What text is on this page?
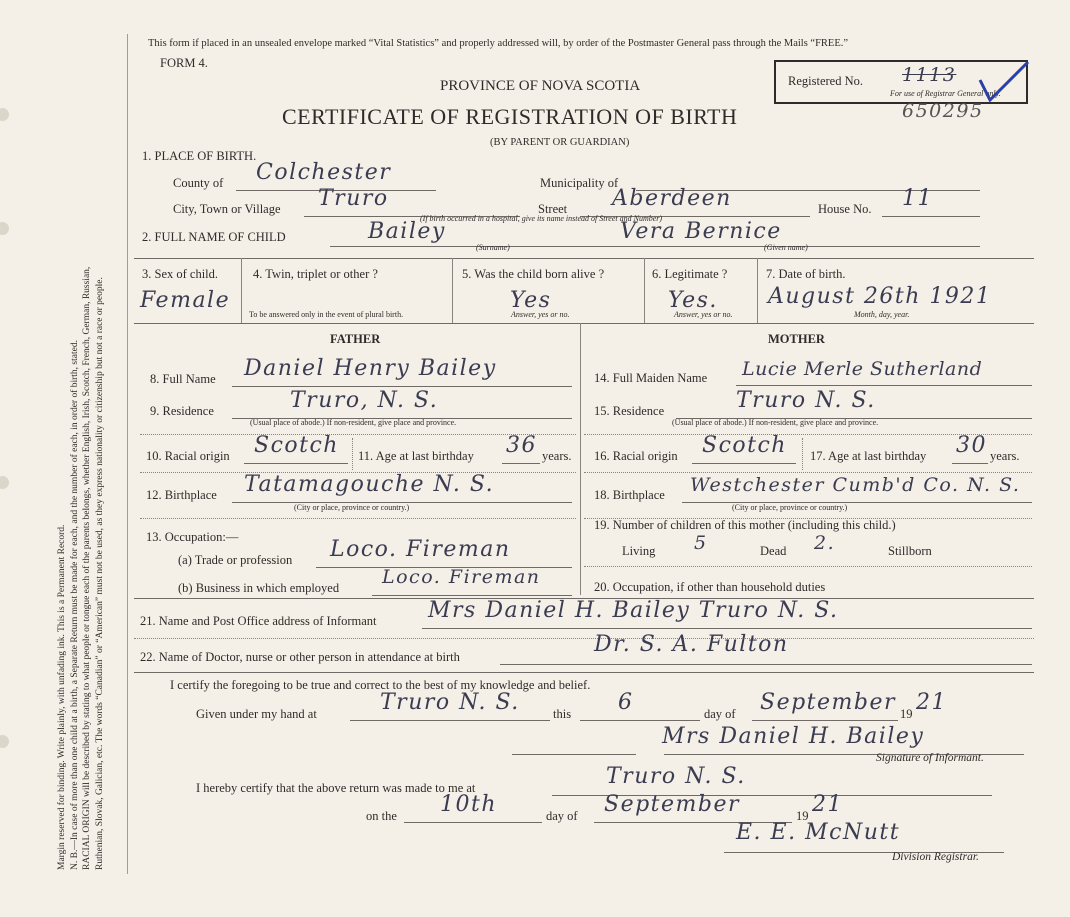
Margin reserved for binding. Write plainly, with unfading ink. This is a Permanent Record. N. B.—In case of more than one child at a birth, a Separate Return must be made for each, and the number of each, in order of birth, stated. RACIAL ORIGIN will be described by stating to what people or tongue each of the parents belongs, whether English, Irish, Scotch, French, German, Russian, Ruthenian, Slovak, Galician, etc. The words “Canadian” or “American” must not be used, as they express nationality or citizenship but not a race or people.
This form if placed in an unsealed envelope marked “Vital Statistics” and properly addressed will, by order of the Postmaster General pass through the Mails “FREE.”
FORM 4.
PROVINCE OF NOVA SCOTIA
CERTIFICATE OF REGISTRATION OF BIRTH
(BY PARENT OR GUARDIAN)
Registered No. 1113
For use of Registrar General only.
650295
1. PLACE OF BIRTH.
County of Colchester	Municipality of
City, Town or Village Truro	Street Aberdeen	House No. 11
(If birth occurred in a hospital, give its name instead of Street and Number)
2. FULL NAME OF CHILD	Bailey
(Surname)
Vera Bernice
(Given name)
3. Sex of child.
Female
4. Twin, triplet or other ?
To be answered only in the event of plural birth.
5. Was the child born alive ?
Yes
Answer, yes or no.
6. Legitimate ?
Yes.
Answer, yes or no.
7. Date of birth.
August 26th 1921
Month, day, year.
FATHER	MOTHER
8. Full Name Daniel Henry Bailey
9. Residence	Truro, N. S.
(Usual place of abode.) If non-resident, give place and province.
10. Racial origin Scotch 11. Age at last birthday 36 years.
12. Birthplace Tatamagouche N. S.
(City or place, province or country.)
13. Occupation:—
(a) Trade or profession Loco. Fireman
(b) Business in which employed Loco. Fireman
14. Full Maiden Name Lucie Merle Sutherland
15. Residence	Truro N. S.
(Usual place of abode.) If non-resident, give place and province.
16. Racial origin Scotch 17. Age at last birthday 30 years.
18. Birthplace Westchester Cumb'd Co. N. S.
(City or place, province or country.)
19. Number of children of this mother (including this child.)
Living 5	Dead 2.	Stillborn
20. Occupation, if other than household duties
21. Name and Post Office address of Informant Mrs Daniel H. Bailey Truro N. S.
22. Name of Doctor, nurse or other person in attendance at birth	Dr. S. A. Fulton
I certify the foregoing to be true and correct to the best of my knowledge and belief.
Given under my hand at	Truro N. S.	this 6	day of September 19 21
Mrs Daniel H. Bailey
Signature of Informant.
I hereby certify that the above return was made to me at	Truro N. S.
on the 10th	day of September	19 21
E. E. McNutt
Division Registrar.
